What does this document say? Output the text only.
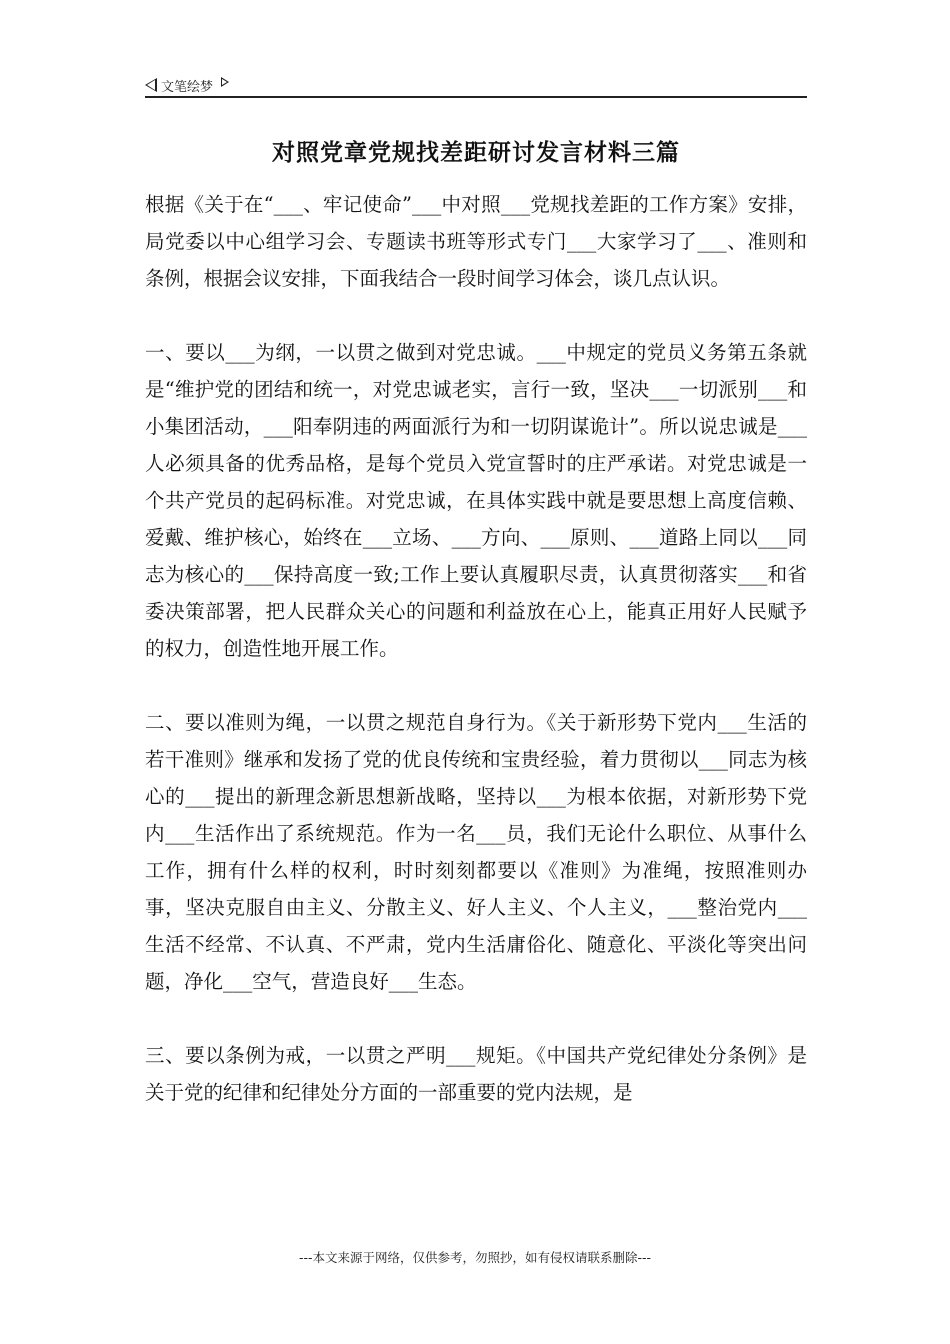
文笔绘梦
对照党章党规找差距研讨发言材料三篇

根据《关于在“___、牢记使命”___中对照___党规找差距的工作方案》安排，局党委以中心组学习会、专题读书班等形式专门___大家学习了___、准则和条例，根据会议安排，下面我结合一段时间学习体会，谈几点认识。

一、要以___为纲，一以贯之做到对党忠诚。___中规定的党员义务第五条就是“维护党的团结和统一，对党忠诚老实，言行一致，坚决___一切派别___和小集团活动，___阳奉阴违的两面派行为和一切阴谋诡计”。所以说忠诚是___人必须具备的优秀品格，是每个党员入党宣誓时的庄严承诺。对党忠诚是一个共产党员的起码标准。对党忠诚，在具体实践中就是要思想上高度信赖、爱戴、维护核心，始终在___立场、___方向、___原则、___道路上同以___同志为核心的___保持高度一致;工作上要认真履职尽责，认真贯彻落实___和省委决策部署，把人民群众关心的问题和利益放在心上，能真正用好人民赋予的权力，创造性地开展工作。

二、要以准则为绳，一以贯之规范自身行为。《关于新形势下党内___生活的若干准则》继承和发扬了党的优良传统和宝贵经验，着力贯彻以___同志为核心的___提出的新理念新思想新战略，坚持以___为根本依据，对新形势下党内___生活作出了系统规范。作为一名___员，我们无论什么职位、从事什么工作，拥有什么样的权利，时时刻刻都要以《准则》为准绳，按照准则办事，坚决克服自由主义、分散主义、好人主义、个人主义，___整治党内___生活不经常、不认真、不严肃，党内生活庸俗化、随意化、平淡化等突出问题，净化___空气，营造良好___生态。

三、要以条例为戒，一以贯之严明___规矩。《中国共产党纪律处分条例》是关于党的纪律和纪律处分方面的一部重要的党内法规，是

---本文来源于网络，仅供参考，勿照抄，如有侵权请联系删除---
